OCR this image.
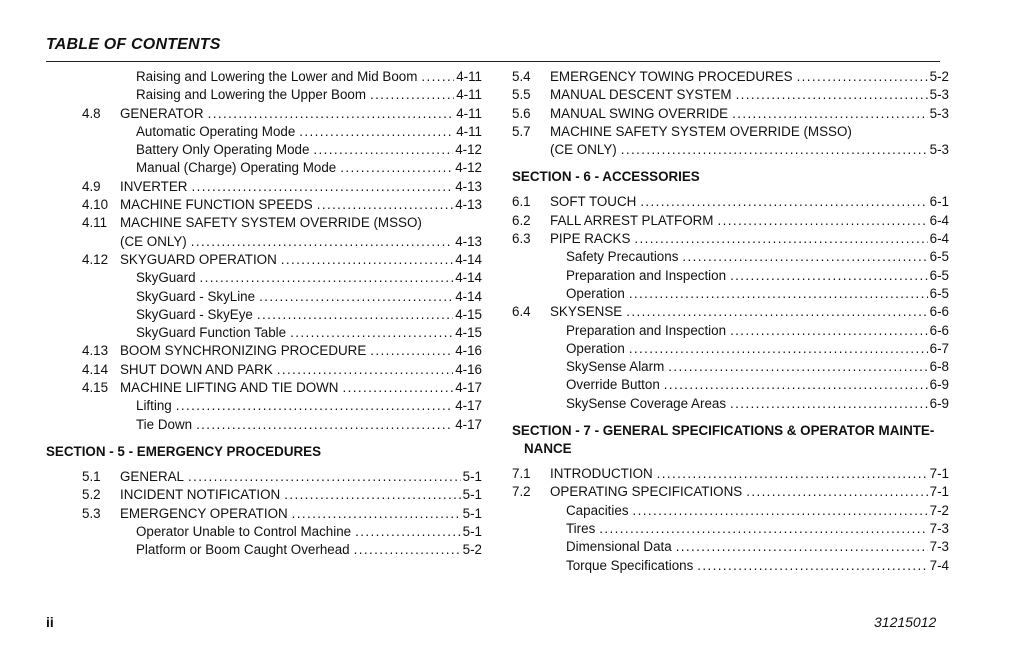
TABLE OF CONTENTS
Raising and Lowering the Lower and Mid Boom .....	4-11
Raising and Lowering the Upper Boom .....	4-11
4.8	GENERATOR .....	4-11
Automatic Operating Mode .....	4-11
Battery Only Operating Mode .....	4-12
Manual (Charge) Operating Mode .....	4-12
4.9	INVERTER .....	4-13
4.10 MACHINE FUNCTION SPEEDS .....	4-13
4.11 MACHINE SAFETY SYSTEM OVERRIDE (MSSO)
(CE ONLY) .....	4-13
4.12 SKYGUARD OPERATION .....	4-14
SkyGuard .....	4-14
SkyGuard - SkyLine .....	4-14
SkyGuard - SkyEye .....	4-15
SkyGuard Function Table .....	4-15
4.13 BOOM SYNCHRONIZING PROCEDURE .....	4-16
4.14 SHUT DOWN AND PARK .....	4-16
4.15 MACHINE LIFTING AND TIE DOWN .....	4-17
Lifting .....	4-17
Tie Down .....	4-17
SECTION - 5 - EMERGENCY PROCEDURES
5.1	GENERAL .....	5-1
5.2	INCIDENT NOTIFICATION .....	5-1
5.3	EMERGENCY OPERATION .....	5-1
Operator Unable to Control Machine .....	5-1
Platform or Boom Caught Overhead .....	5-2
5.4	EMERGENCY TOWING PROCEDURES .....	5-2
5.5	MANUAL DESCENT SYSTEM .....	5-3
5.6	MANUAL SWING OVERRIDE .....	5-3
5.7	MACHINE SAFETY SYSTEM OVERRIDE (MSSO)
(CE ONLY) .....	5-3
SECTION - 6 - ACCESSORIES
6.1	SOFT TOUCH .....	6-1
6.2	FALL ARREST PLATFORM .....	6-4
6.3	PIPE RACKS .....	6-4
Safety Precautions .....	6-5
Preparation and Inspection .....	6-5
Operation .....	6-5
6.4	SKYSENSE .....	6-6
Preparation and Inspection .....	6-6
Operation .....	6-7
SkySense Alarm .....	6-8
Override Button .....	6-9
SkySense Coverage Areas .....	6-9
SECTION - 7 - GENERAL SPECIFICATIONS & OPERATOR MAINTE-
NANCE
7.1	INTRODUCTION .....	7-1
7.2	OPERATING SPECIFICATIONS .....	7-1
Capacities .....	7-2
Tires .....	7-3
Dimensional Data .....	7-3
Torque Specifications .....	7-4
ii	31215012
